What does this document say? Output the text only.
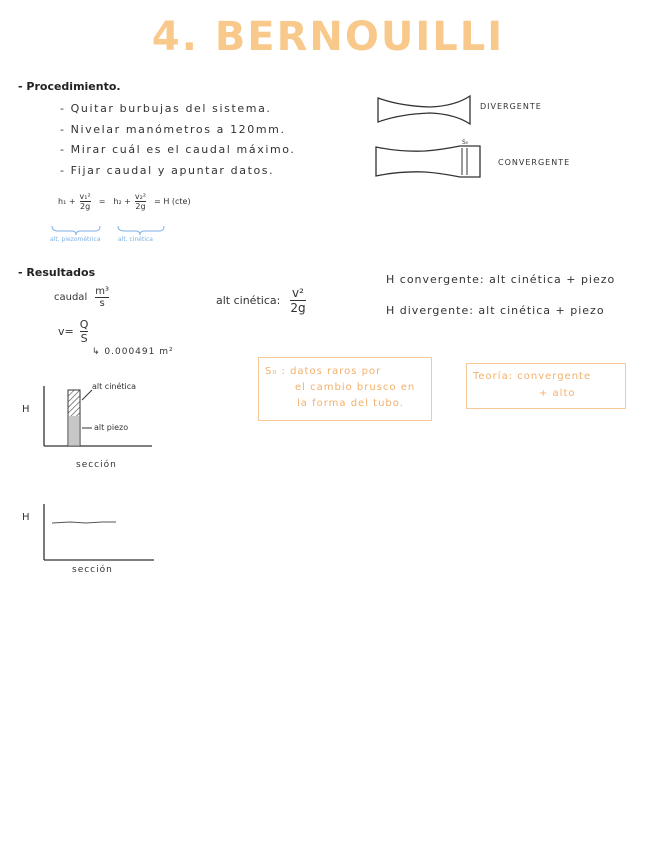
4. BERNOUILLI
- Procedimiento.
- Quitar burbujas del sistema.
- Nivelar manómetros a 120mm.
- Mirar cuál es el caudal máximo.
- Fijar caudal y apuntar datos.
$h_1 + \frac{\text{v₁²}}{2g} = h_2 + \frac{\text{v₂²}}{2g} = H$ (cte)
alt. piezométrica	alt. cinética
DIVERGENTE
CONVERGENTE
S₀
- Resultados
caudal $\frac{\text{m³}}{s}$
$v= \frac{Q}{S}$
↳ 0.000491 m²
alt cinética: $\frac{\text{v²}}{2g}$
H convergente: alt cinética + piezo
H divergente: alt cinética + piezo
S₀ : datos raros por
el cambio brusco en
la forma del tubo.
Teoría: convergente
+ alto
H
sección
alt cinética
alt piezo
H
sección
